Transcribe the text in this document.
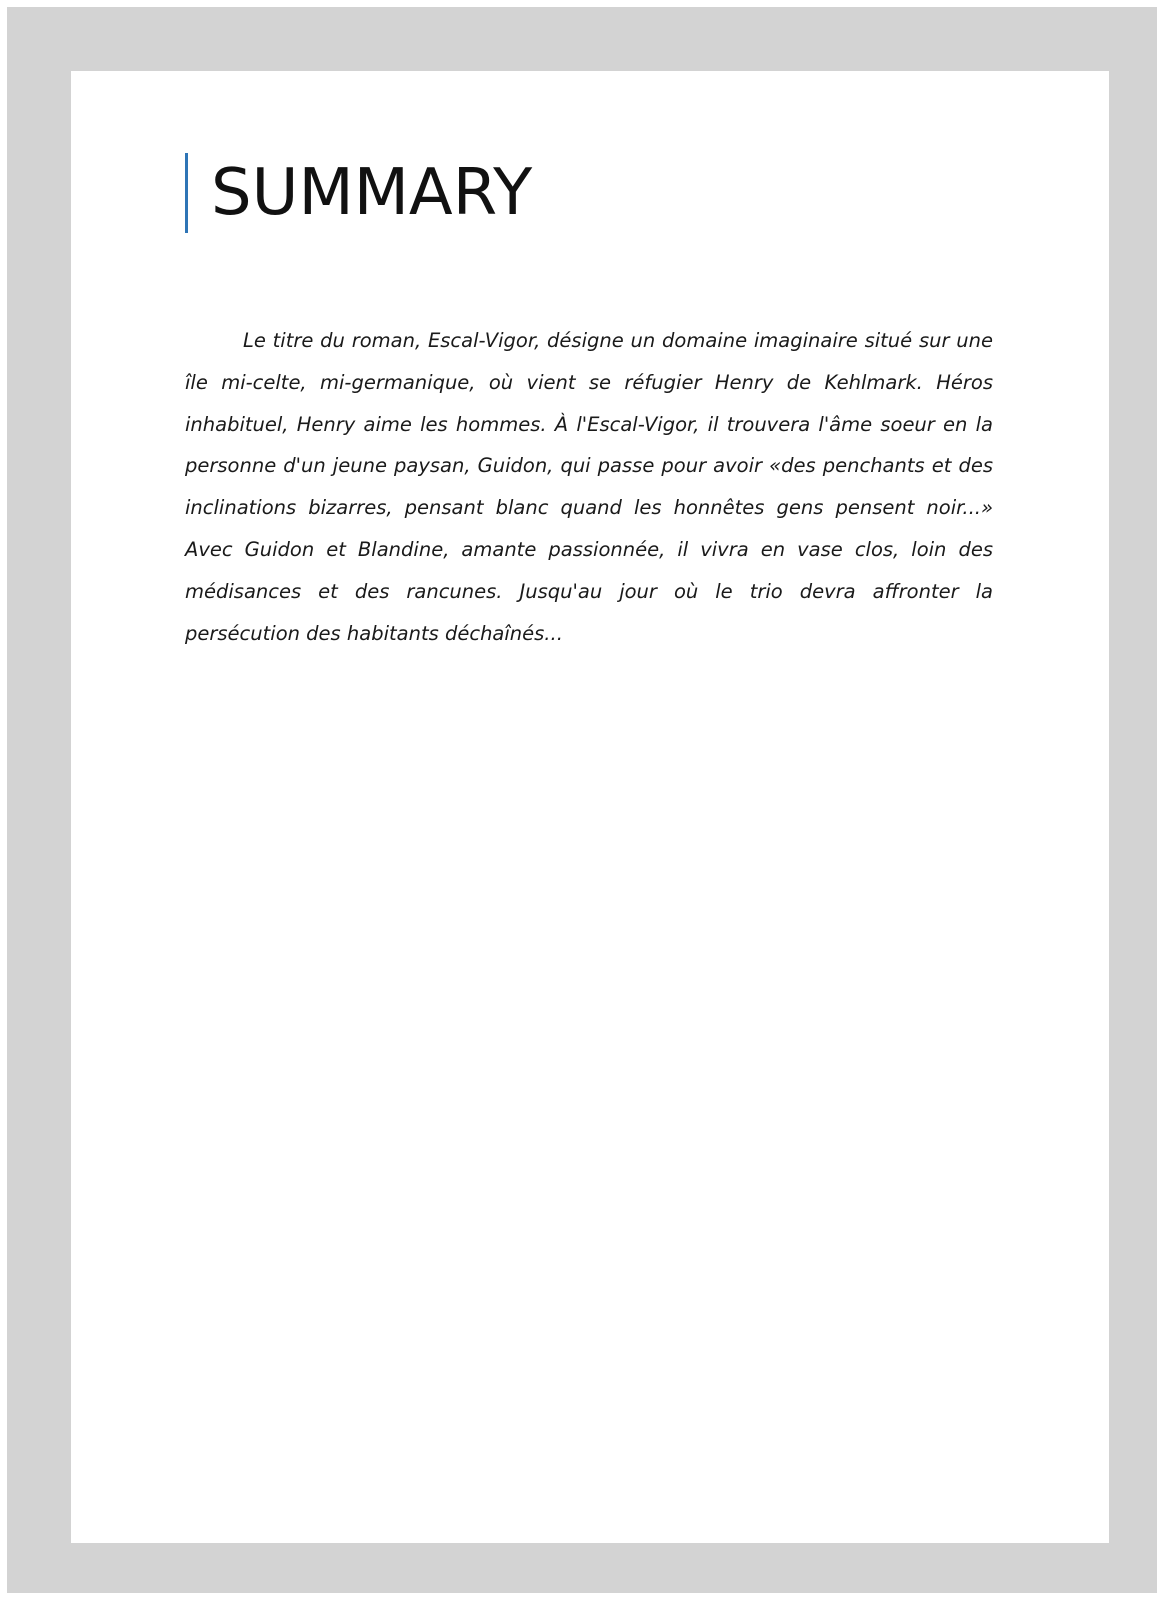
SUMMARY

Le titre du roman, Escal-Vigor, désigne un domaine imaginaire situé sur une île mi-celte, mi-germanique, où vient se réfugier Henry de Kehlmark. Héros inhabituel, Henry aime les hommes. À l'Escal-Vigor, il trouvera l'âme soeur en la personne d'un jeune paysan, Guidon, qui passe pour avoir «des penchants et des inclinations bizarres, pensant blanc quand les honnêtes gens pensent noir...» Avec Guidon et Blandine, amante passionnée, il vivra en vase clos, loin des médisances et des rancunes. Jusqu'au jour où le trio devra affronter la persécution des habitants déchaînés...
